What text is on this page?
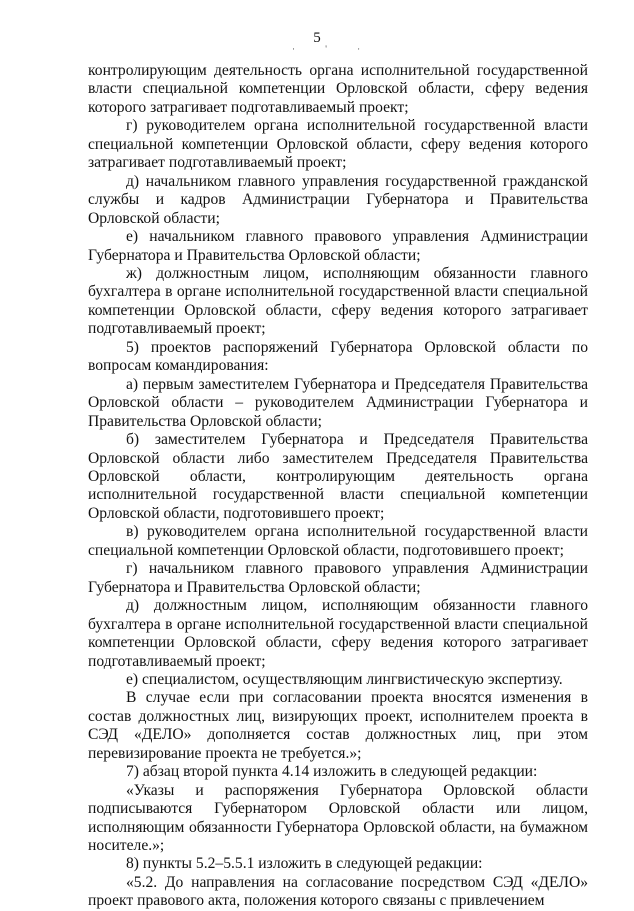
5
· ' ·

контролирующим деятельность органа исполнительной государственной власти специальной компетенции Орловской области, сферу ведения которого затрагивает подготавливаемый проект;

г) руководителем органа исполнительной государственной власти специальной компетенции Орловской области, сферу ведения которого затрагивает подготавливаемый проект;

д) начальником главного управления государственной гражданской службы и кадров Администрации Губернатора и Правительства Орловской области;

е) начальником главного правового управления Администрации Губернатора и Правительства Орловской области;

ж) должностным лицом, исполняющим обязанности главного бухгалтера в органе исполнительной государственной власти специальной компетенции Орловской области, сферу ведения которого затрагивает подготавливаемый проект;

5) проектов распоряжений Губернатора Орловской области по вопросам командирования:

а) первым заместителем Губернатора и Председателя Правительства Орловской области – руководителем Администрации Губернатора и Правительства Орловской области;

б) заместителем Губернатора и Председателя Правительства Орловской области либо заместителем Председателя Правительства Орловской области, контролирующим деятельность органа исполнительной государственной власти специальной компетенции Орловской области, подготовившего проект;

в) руководителем органа исполнительной государственной власти специальной компетенции Орловской области, подготовившего проект;

г) начальником главного правового управления Администрации Губернатора и Правительства Орловской области;

д) должностным лицом, исполняющим обязанности главного бухгалтера в органе исполнительной государственной власти специальной компетенции Орловской области, сферу ведения которого затрагивает подготавливаемый проект;

е) специалистом, осуществляющим лингвистическую экспертизу.

В случае если при согласовании проекта вносятся изменения в состав должностных лиц, визирующих проект, исполнителем проекта в СЭД «ДЕЛО» дополняется состав должностных лиц, при этом перевизирование проекта не требуется.»;

7) абзац второй пункта 4.14 изложить в следующей редакции:

«Указы и распоряжения Губернатора Орловской области подписываются Губернатором Орловской области или лицом, исполняющим обязанности Губернатора Орловской области, на бумажном носителе.»;

8) пункты 5.2–5.5.1 изложить в следующей редакции:

«5.2. До направления на согласование посредством СЭД «ДЕЛО» проект правового акта, положения которого связаны с привлечением
